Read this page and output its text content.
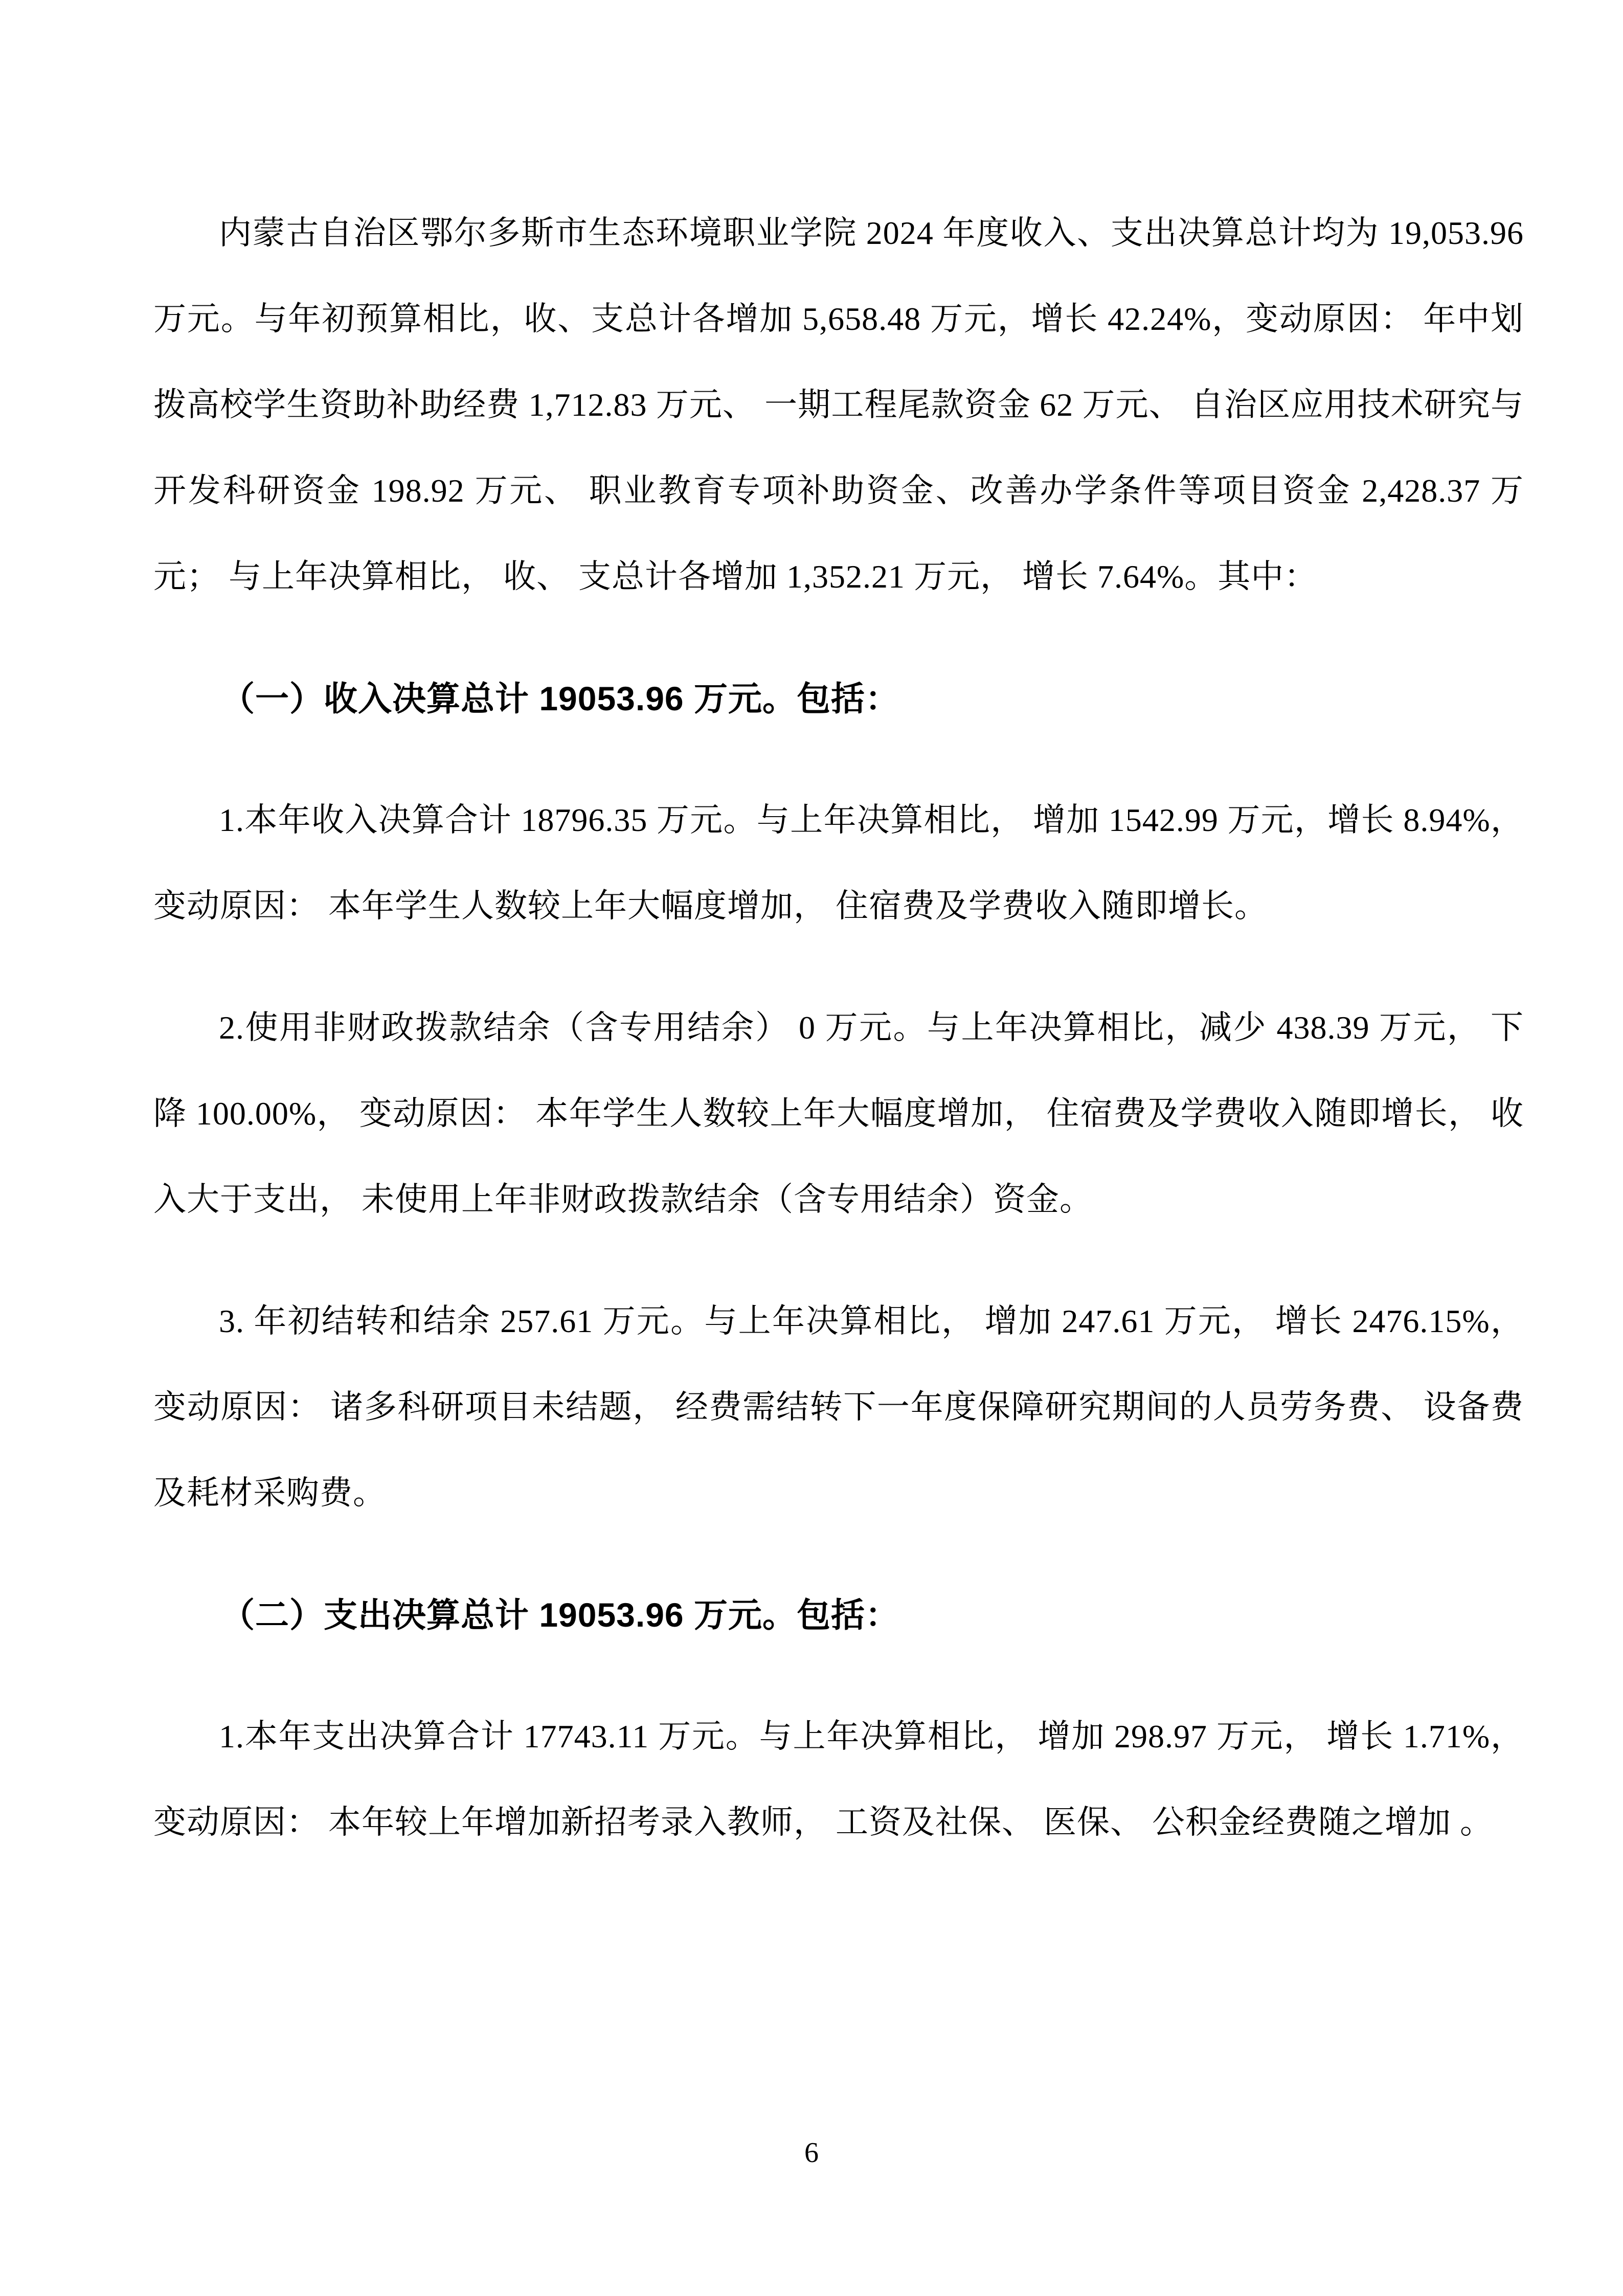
内蒙古自治区鄂尔多斯市生态环境职业学院 2024 年度收入、支出决算总计均为 19,053.96 万元。与年初预算相比，收、支总计各增加 5,658.48 万元，增长 42.24%，变动原因： 年中划拨高校学生资助补助经费 1,712.83 万元、 一期工程尾款资金 62 万元、 自治区应用技术研究与开发科研资金 198.92 万元、 职业教育专项补助资金、改善办学条件等项目资金 2,428.37 万元； 与上年决算相比， 收、 支总计各增加 1,352.21 万元， 增长 7.64%。其中：

（一）收入决算总计 19053.96 万元。包括：

1.本年收入决算合计 18796.35 万元。与上年决算相比， 增加 1542.99 万元，增长 8.94%， 变动原因： 本年学生人数较上年大幅度增加， 住宿费及学费收入随即增长。

2.使用非财政拨款结余（含专用结余） 0 万元。与上年决算相比，减少 438.39 万元， 下降 100.00%， 变动原因： 本年学生人数较上年大幅度增加， 住宿费及学费收入随即增长， 收入大于支出， 未使用上年非财政拨款结余（含专用结余）资金。

3. 年初结转和结余 257.61 万元。与上年决算相比， 增加 247.61 万元， 增长 2476.15%，变动原因： 诸多科研项目未结题， 经费需结转下一年度保障研究期间的人员劳务费、 设备费及耗材采购费。

（二）支出决算总计 19053.96 万元。包括：

1.本年支出决算合计 17743.11 万元。与上年决算相比， 增加 298.97 万元， 增长 1.71%， 变动原因： 本年较上年增加新招考录入教师， 工资及社保、 医保、 公积金经费随之增加 。

6
